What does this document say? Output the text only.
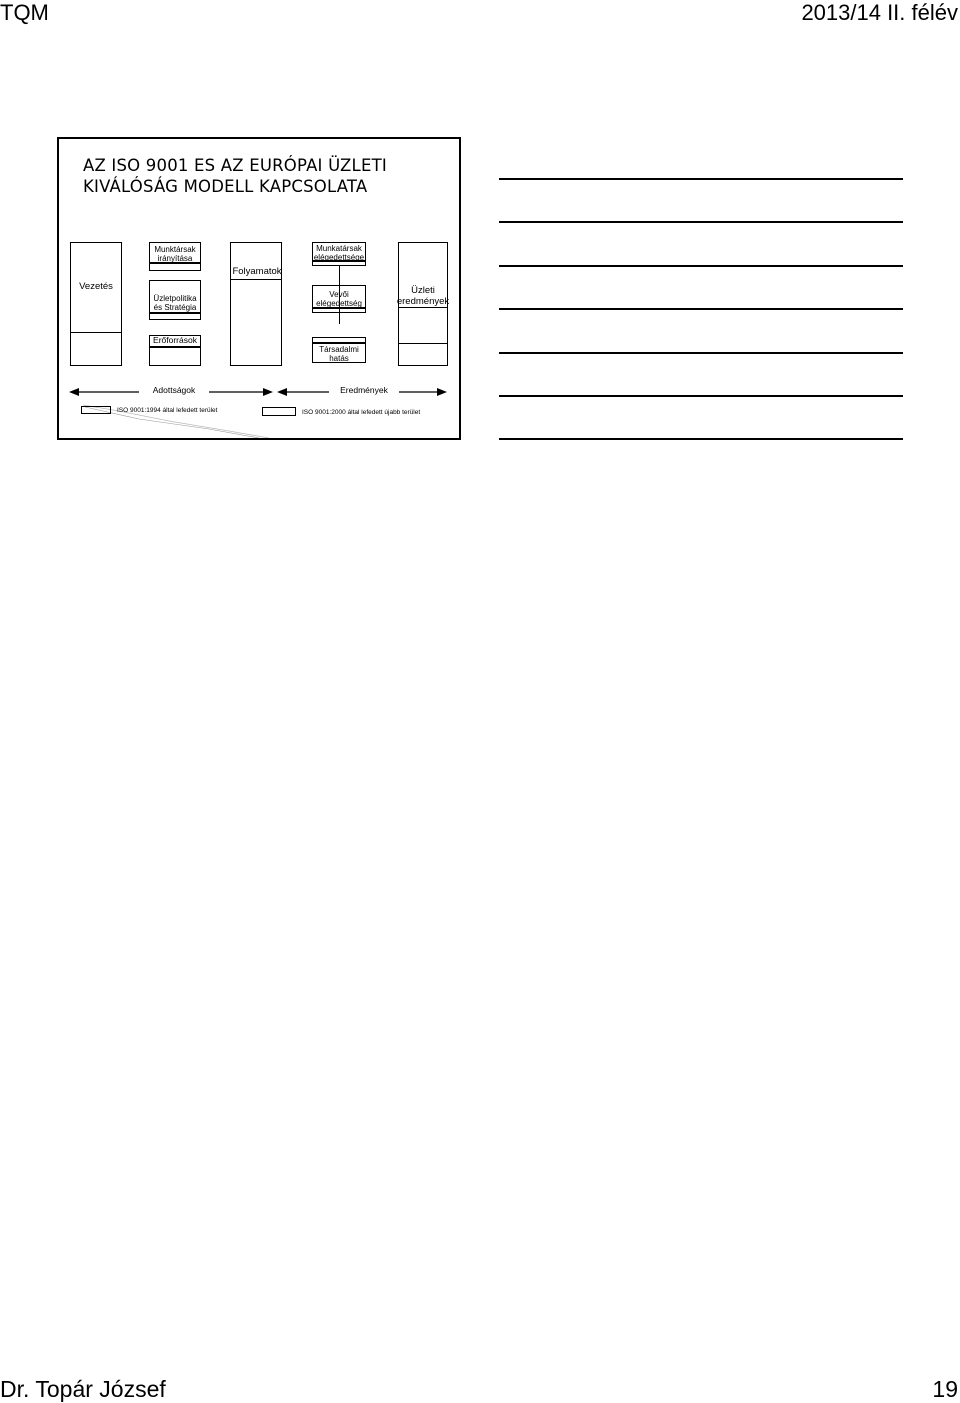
TQM	2013/14 II. félév
AZ ISO 9001 ES AZ EURÓPAI ÜZLETI
KIVÁLÓSÁG MODELL KAPCSOLATA
Vezetés
Munktársak
irányítása
Üzletpolitika
és Stratégia
Erőforrások
Folyamatok
Munkatársak
elégedettsége
Vevői
elégedettség
Társadalmi
hatás
Üzleti
eredmények
Adottságok	Eredmények
ISO 9001:1994 által lefedett terület	ISO 9001:2000 által lefedett újabb terület
Dr. Topár József	19
